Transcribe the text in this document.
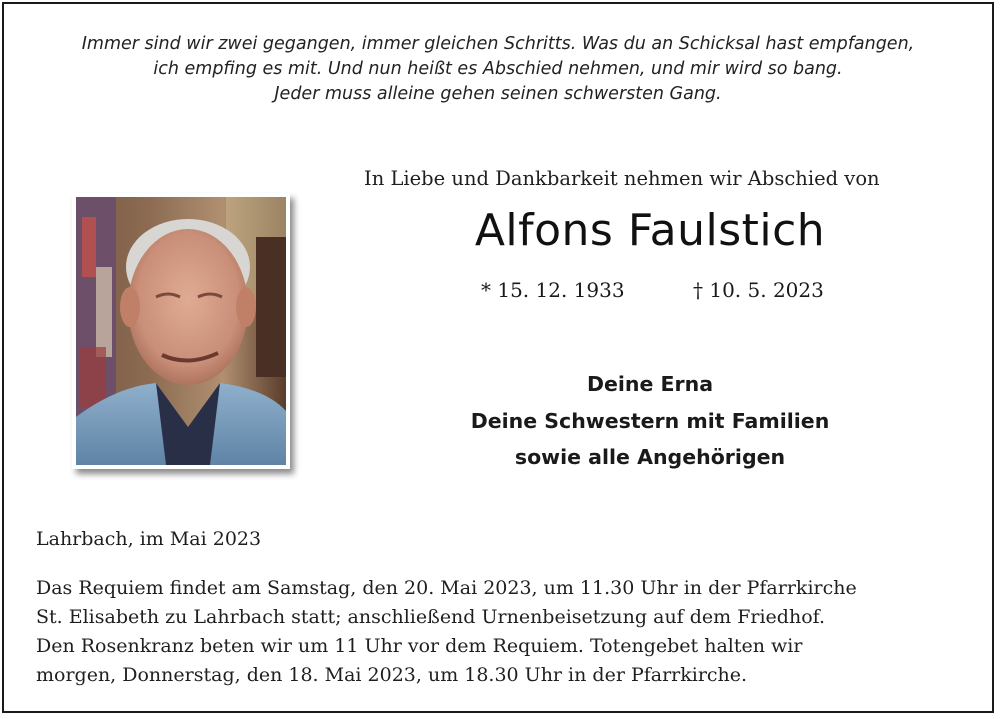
Immer sind wir zwei gegangen, immer gleichen Schritts. Was du an Schicksal hast empfangen,
ich empfing es mit. Und nun heißt es Abschied nehmen, und mir wird so bang.
Jeder muss alleine gehen seinen schwersten Gang.
In Liebe und Dankbarkeit nehmen wir Abschied von
Alfons Faulstich
* 15. 12. 1933	† 10. 5. 2023
Deine Erna
Deine Schwestern mit Familien
sowie alle Angehörigen
Lahrbach, im Mai 2023
Das Requiem findet am Samstag, den 20. Mai 2023, um 11.30 Uhr in der Pfarrkirche
St. Elisabeth zu Lahrbach statt; anschließend Urnenbeisetzung auf dem Friedhof.
Den Rosenkranz beten wir um 11 Uhr vor dem Requiem. Totengebet halten wir
morgen, Donnerstag, den 18. Mai 2023, um 18.30 Uhr in der Pfarrkirche.
